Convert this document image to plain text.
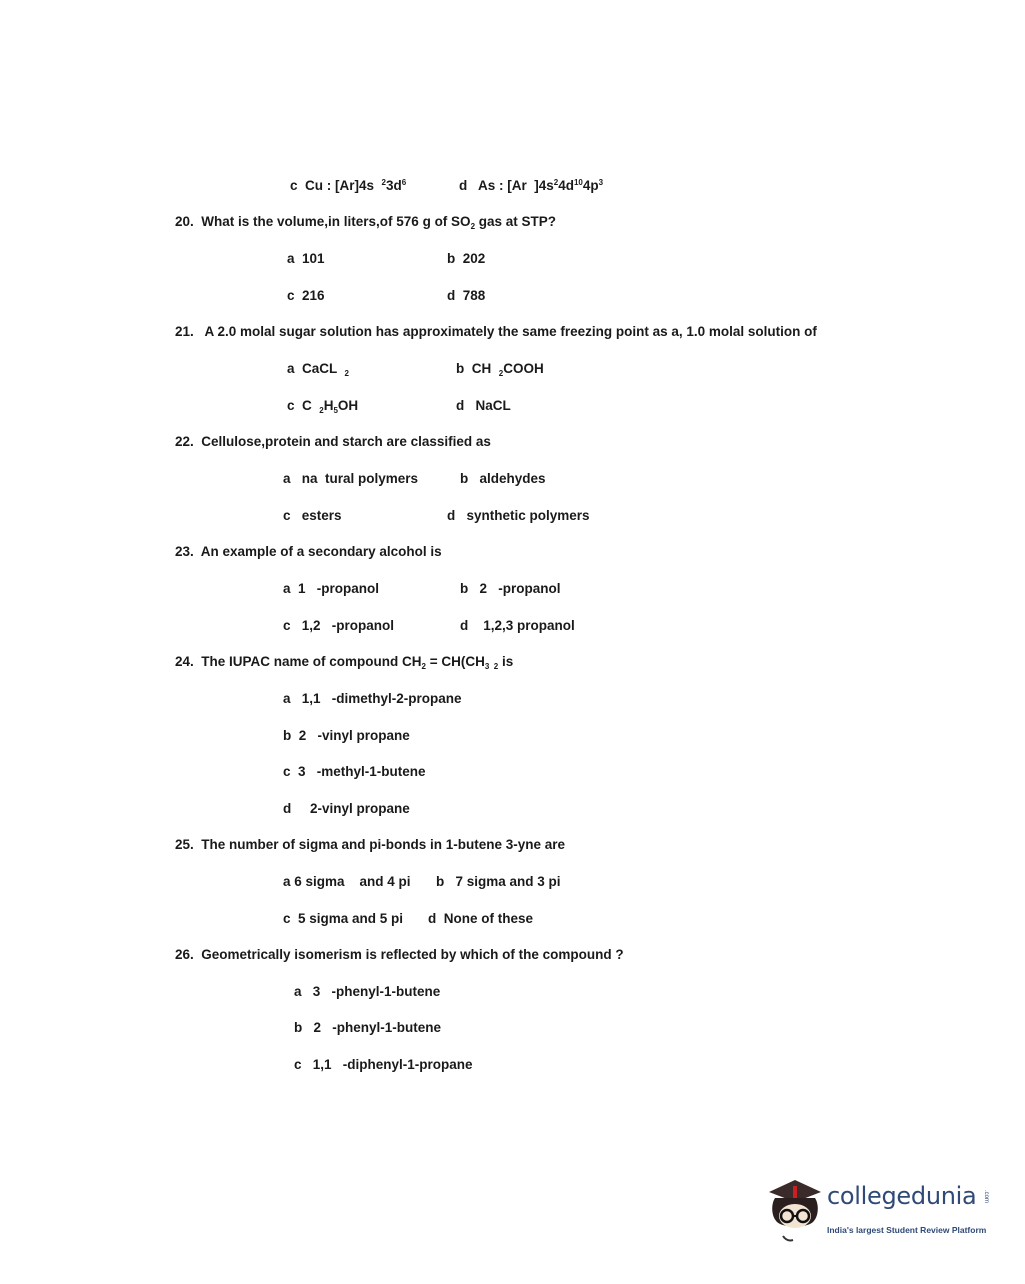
c  Cu : [Ar]4s  $^23d^6$	d   As : [Ar  ]$4s^24d^{10}4p^3$
20.  What is the volume,in liters,of 576 g of $SO_2$ gas at STP?
a  101	b  202
c  216	d  788
21.   A 2.0 molal sugar solution has approximately the same freezing point as a, 1.0 molal solution of
a  CaCL  $_2$	b  CH  $_2$COOH
c  C  $_2H_5OH$	d   NaCL
22.  Cellulose,protein and starch are classified as
a   na  tural polymers	b   aldehydes
c   esters	d   synthetic polymers
23.  An example of a secondary alcohol is
a  1   -propanol	b   2   -propanol
c   1,2   -propanol	d    1,2,3 propanol
24.  The IUPAC name of compound $CH_2 = CH(CH_3$  $_2$ is
a   1,1   -dimethyl-2-propane
b  2   -vinyl propane
c  3   -methyl-1-butene
d     2-vinyl propane
25.  The number of sigma and pi-bonds in 1-butene 3-yne are
a 6 sigma    and 4 pi b   7 sigma and 3 pi
c  5 sigma and 5 pi d  None of these
26.  Geometrically isomerism is reflected by which of the compound ?
a   3   -phenyl-1-butene
b   2   -phenyl-1-butene
c   1,1   -diphenyl-1-propane
collegedunia .com
India's largest Student Review Platform
